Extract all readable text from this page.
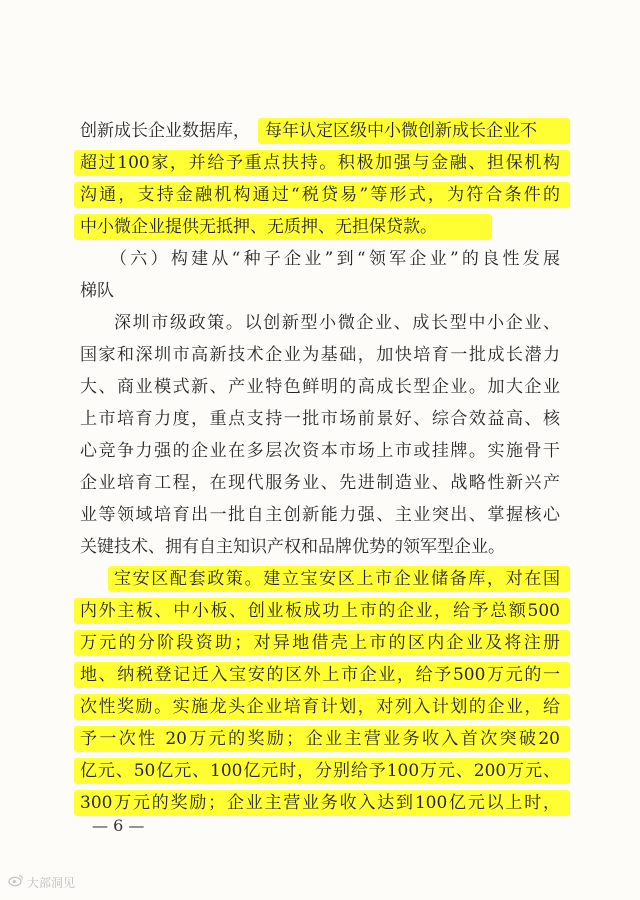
创新成长企业数据库， 每年认定区级中小微创新成长企业不
超过100家，并给予重点扶持。积极加强与金融、担保机构
沟通，支持金融机构通过“税贷易”等形式，为符合条件的
中小微企业提供无抵押、无质押、无担保贷款。
（六）构建从“种子企业”到“领军企业”的良性发展
梯队
深圳市级政策。以创新型小微企业、成长型中小企业、
国家和深圳市高新技术企业为基础，加快培育一批成长潜力
大、商业模式新、产业特色鲜明的高成长型企业。加大企业
上市培育力度，重点支持一批市场前景好、综合效益高、核
心竞争力强的企业在多层次资本市场上市或挂牌。实施骨干
企业培育工程，在现代服务业、先进制造业、战略性新兴产
业等领域培育出一批自主创新能力强、主业突出、掌握核心
关键技术、拥有自主知识产权和品牌优势的领军型企业。
宝安区配套政策。建立宝安区上市企业储备库，对在国
内外主板、中小板、创业板成功上市的企业，给予总额500
万元的分阶段资助；对异地借壳上市的区内企业及将注册
地、纳税登记迁入宝安的区外上市企业，给予500万元的一
次性奖励。实施龙头企业培育计划，对列入计划的企业，给
予一次性 20万元的奖励；企业主营业务收入首次突破20
亿元、50亿元、100亿元时，分别给予100万元、200万元、
300万元的奖励；企业主营业务收入达到100亿元以上时，
— 6 —
大部洞见
